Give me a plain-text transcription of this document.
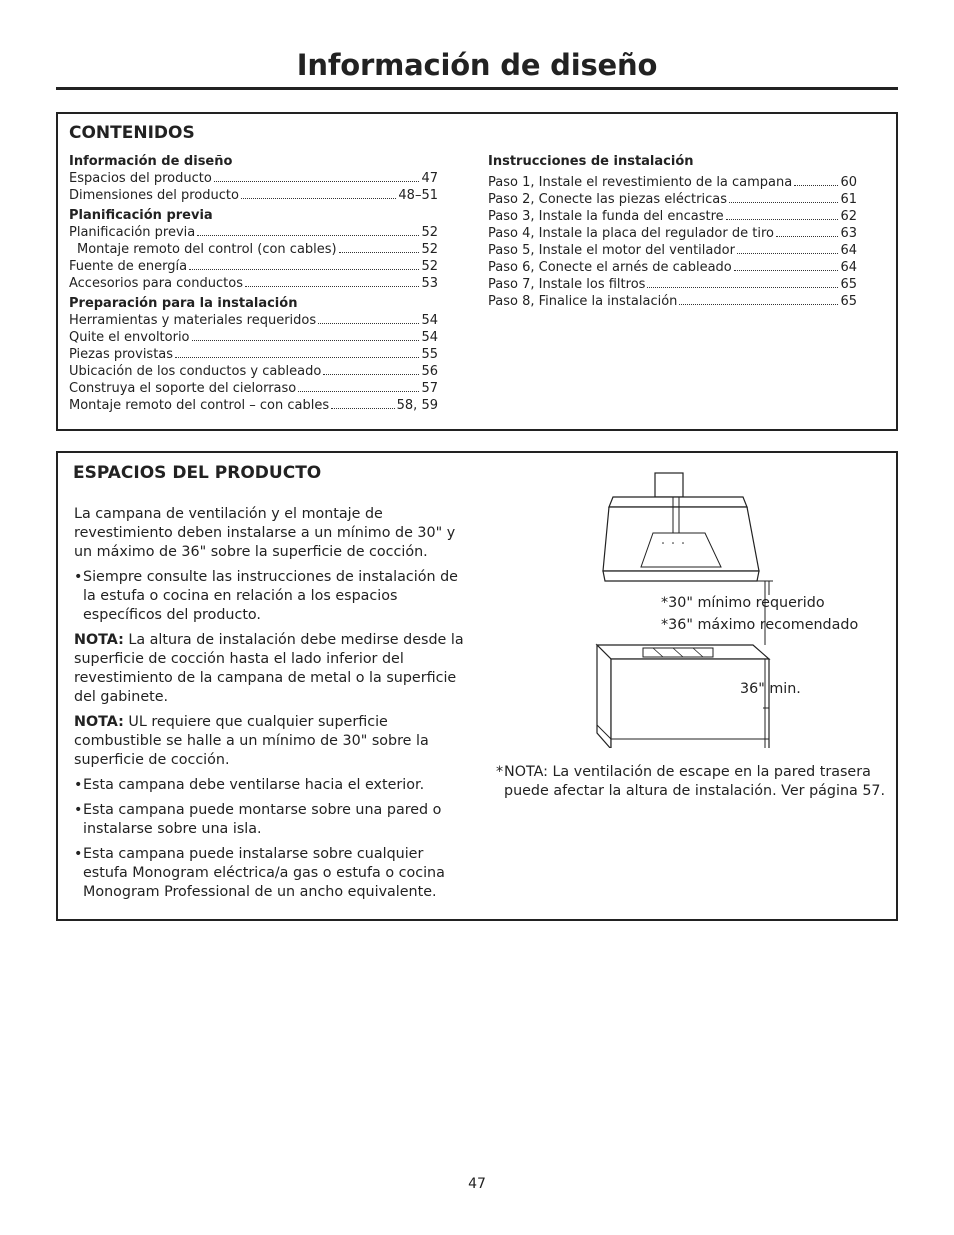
Información de diseño
CONTENIDOS
Información de diseño
Espacios del producto	47
Dimensiones del producto	48–51
Planificación previa
Planificación previa	52
Montaje remoto del control (con cables)	52
Fuente de energía	52
Accesorios para conductos	53
Preparación para la instalación
Herramientas y materiales requeridos	54
Quite el envoltorio	54
Piezas provistas	55
Ubicación de los conductos y cableado	56
Construya el soporte del cielorraso	57
Montaje remoto del control – con cables	58, 59
Instrucciones de instalación
Paso 1, Instale el revestimiento de la campana	60
Paso 2, Conecte las piezas eléctricas	61
Paso 3, Instale la funda del encastre	62
Paso 4, Instale la placa del regulador de tiro	63
Paso 5, Instale el motor del ventilador	64
Paso 6, Conecte el arnés de cableado	64
Paso 7, Instale los filtros	65
Paso 8, Finalice la instalación	65
ESPACIOS DEL PRODUCTO

La campana de ventilación y el montaje de revestimiento deben instalarse a un mínimo de 30" y un máximo de 36" sobre la superficie de cocción.

• Siempre consulte las instrucciones de instalación de la estufa o cocina en relación a los espacios específicos del producto.

NOTA: La altura de instalación debe medirse desde la superficie de cocción hasta el lado inferior del revestimiento de la campana de metal o la superficie del gabinete.

NOTA: UL requiere que cualquier superficie combustible se halle a un mínimo de 30" sobre la superficie de cocción.

• Esta campana debe ventilarse hacia el exterior.
• Esta campana puede montarse sobre una pared o instalarse sobre una isla.
• Esta campana puede instalarse sobre cualquier estufa Monogram eléctrica/a gas o estufa o cocina Monogram Professional de un ancho equivalente.
*30" mínimo requerido
*36" máximo recomendado
36" min.
* NOTA: La ventilación de escape en la pared trasera puede afectar la altura de instalación. Ver página 57.
47
